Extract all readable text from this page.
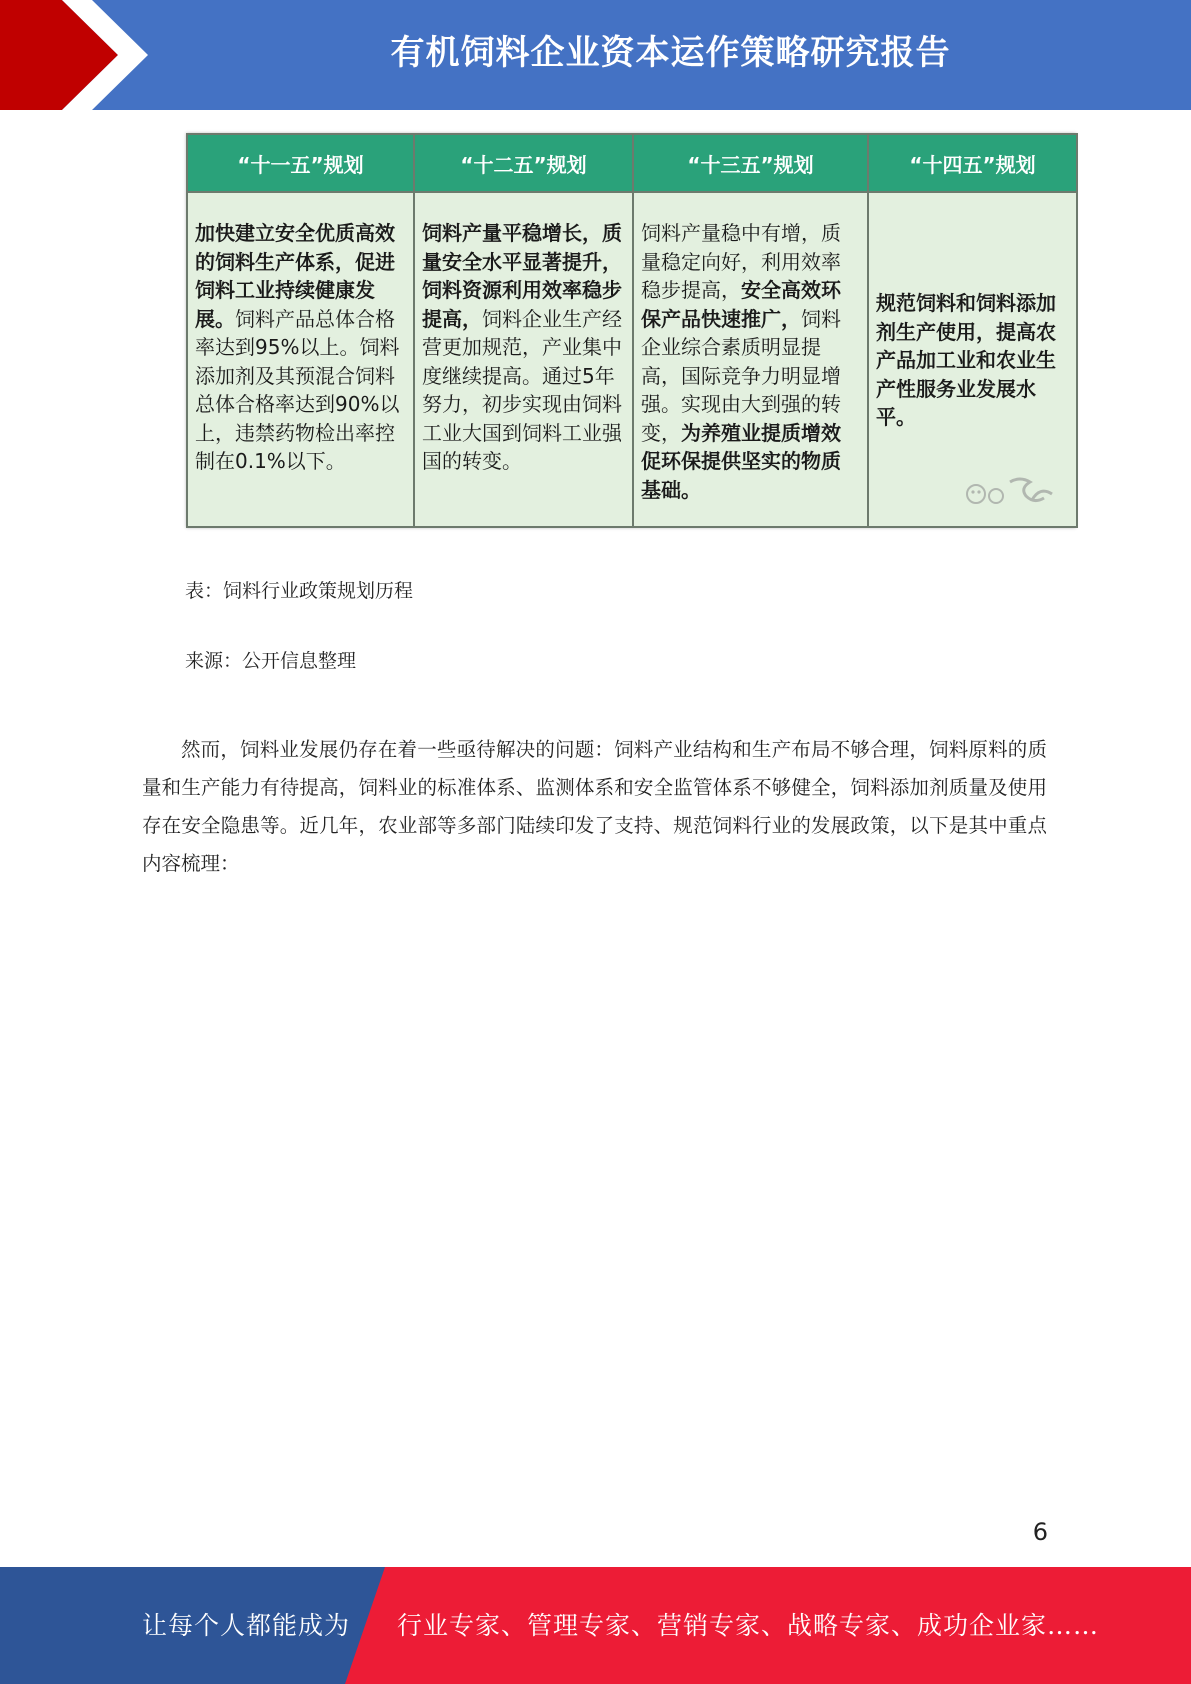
有机饲料企业资本运作策略研究报告
“十一五”规划	“十二五”规划	“十三五”规划	“十四五”规划
加快建立安全优质高效的饲料生产体系，促进饲料工业持续健康发展。饲料产品总体合格率达到95%以上。饲料添加剂及其预混合饲料总体合格率达到90%以上，违禁药物检出率控制在0.1%以下。	饲料产量平稳增长，质量安全水平显著提升，饲料资源利用效率稳步提高，饲料企业生产经营更加规范，产业集中度继续提高。通过5年努力，初步实现由饲料工业大国到饲料工业强国的转变。	饲料产量稳中有增，质量稳定向好，利用效率稳步提高，安全高效环保产品快速推广，饲料企业综合素质明显提高，国际竞争力明显增强。实现由大到强的转变，为养殖业提质增效促环保提供坚实的物质基础。	规范饲料和饲料添加剂生产使用，提高农产品加工业和农业生产性服务业发展水平。
表：饲料行业政策规划历程
来源：公开信息整理

然而，饲料业发展仍存在着一些亟待解决的问题：饲料产业结构和生产布局不够合理，饲料原料的质量和生产能力有待提高，饲料业的标准体系、监测体系和安全监管体系不够健全，饲料添加剂质量及使用存在安全隐患等。近几年，农业部等多部门陆续印发了支持、规范饲料行业的发展政策，以下是其中重点内容梳理：

6
让每个人都能成为 行业专家、管理专家、营销专家、战略专家、成功企业家……
